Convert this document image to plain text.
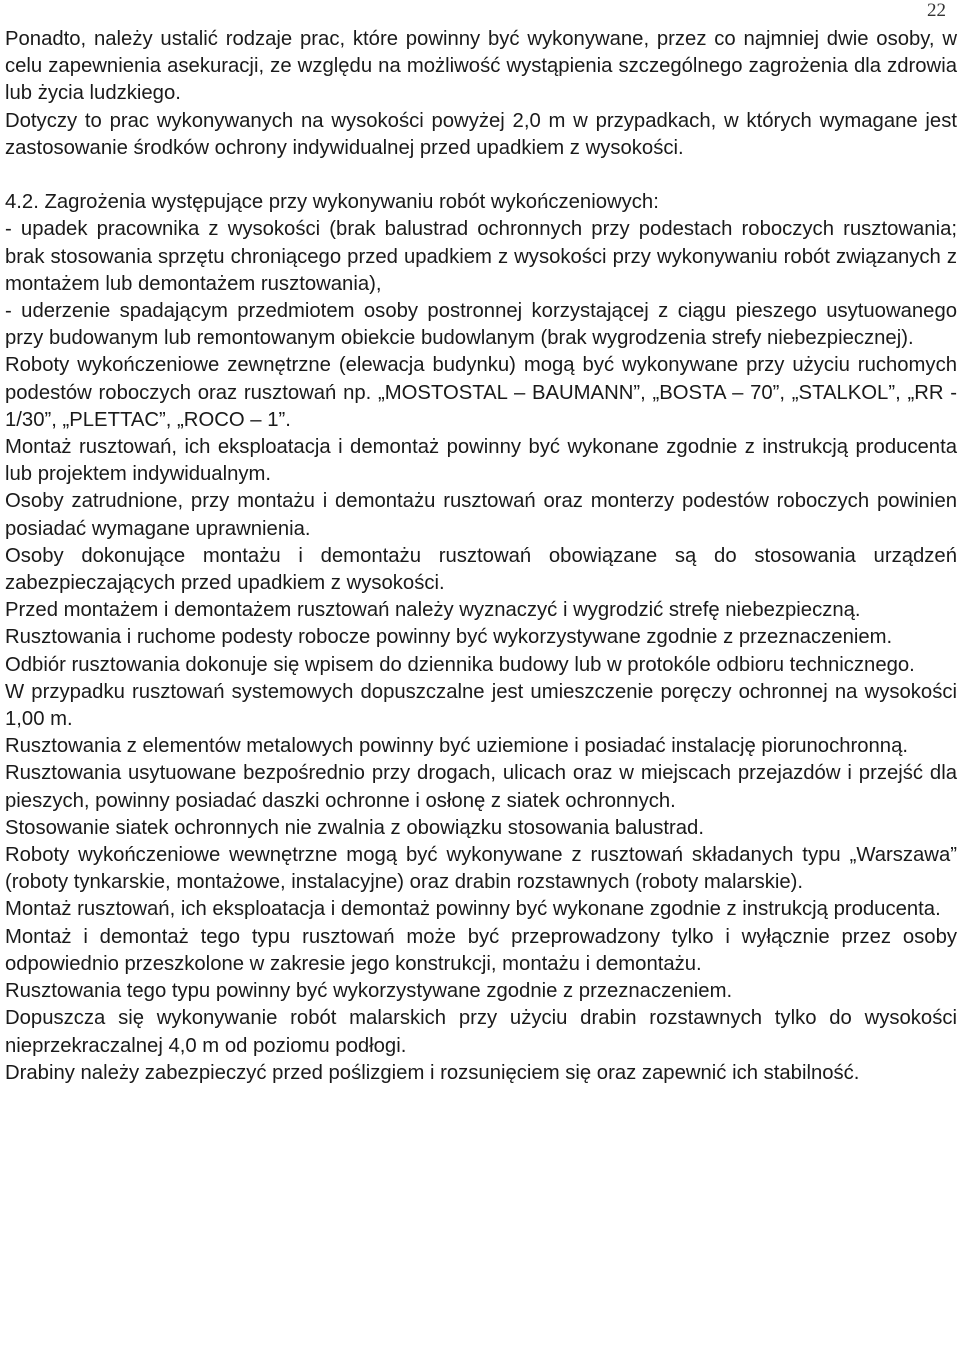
22

Ponadto, należy ustalić rodzaje prac, które powinny być wykonywane, przez co najmniej dwie osoby, w celu zapewnienia asekuracji, ze względu na możliwość wystąpienia szczególnego zagrożenia dla zdrowia lub życia ludzkiego.

Dotyczy to prac wykonywanych na wysokości powyżej 2,0 m w przypadkach, w których wymagane jest zastosowanie środków ochrony indywidualnej przed upadkiem z wysokości.

4.2. Zagrożenia występujące przy wykonywaniu robót wykończeniowych:

- upadek pracownika z wysokości (brak balustrad ochronnych przy podestach roboczych rusztowania; brak stosowania sprzętu chroniącego przed upadkiem z wysokości przy wykonywaniu robót związanych z montażem lub demontażem rusztowania),

- uderzenie spadającym przedmiotem osoby postronnej korzystającej z ciągu pieszego usytuowanego przy budowanym lub remontowanym obiekcie budowlanym (brak wygrodzenia strefy niebezpiecznej).

Roboty wykończeniowe zewnętrzne (elewacja budynku) mogą być wykonywane przy użyciu ruchomych podestów roboczych oraz rusztowań np. „MOSTOSTAL – BAUMANN”, „BOSTA – 70”, „STALKOL”, „RR - 1/30”, „PLETTAC”, „ROCO – 1”.

Montaż rusztowań, ich eksploatacja i demontaż powinny być wykonane zgodnie z instrukcją producenta lub projektem indywidualnym.

Osoby zatrudnione, przy montażu i demontażu rusztowań oraz monterzy podestów roboczych powinien posiadać wymagane uprawnienia.

Osoby dokonujące montażu i demontażu rusztowań obowiązane są do stosowania urządzeń zabezpieczających przed upadkiem z wysokości.

Przed montażem i demontażem rusztowań należy wyznaczyć i wygrodzić strefę niebezpieczną.

Rusztowania i ruchome podesty robocze powinny być wykorzystywane zgodnie z przeznaczeniem.

Odbiór rusztowania dokonuje się wpisem do dziennika budowy lub w protokóle odbioru technicznego.

W przypadku rusztowań systemowych dopuszczalne jest umieszczenie poręczy ochronnej na wysokości 1,00 m.

Rusztowania z elementów metalowych powinny być uziemione i posiadać instalację piorunochronną.

Rusztowania usytuowane bezpośrednio przy drogach, ulicach oraz w miejscach przejazdów i przejść dla pieszych, powinny posiadać daszki ochronne i osłonę z siatek ochronnych.

Stosowanie siatek ochronnych nie zwalnia z obowiązku stosowania balustrad.

Roboty wykończeniowe wewnętrzne mogą być wykonywane z rusztowań składanych typu „Warszawa” (roboty tynkarskie, montażowe, instalacyjne) oraz drabin rozstawnych (roboty malarskie).

Montaż rusztowań, ich eksploatacja i demontaż powinny być wykonane zgodnie z instrukcją producenta.

Montaż i demontaż tego typu rusztowań może być przeprowadzony tylko i wyłącznie przez osoby odpowiednio przeszkolone w zakresie jego konstrukcji, montażu i demontażu.

Rusztowania tego typu powinny być wykorzystywane zgodnie z przeznaczeniem.

Dopuszcza się wykonywanie robót malarskich przy użyciu drabin rozstawnych tylko do wysokości nieprzekraczalnej 4,0 m od poziomu podłogi.

Drabiny należy zabezpieczyć przed poślizgiem i rozsunięciem się oraz zapewnić ich stabilność.
